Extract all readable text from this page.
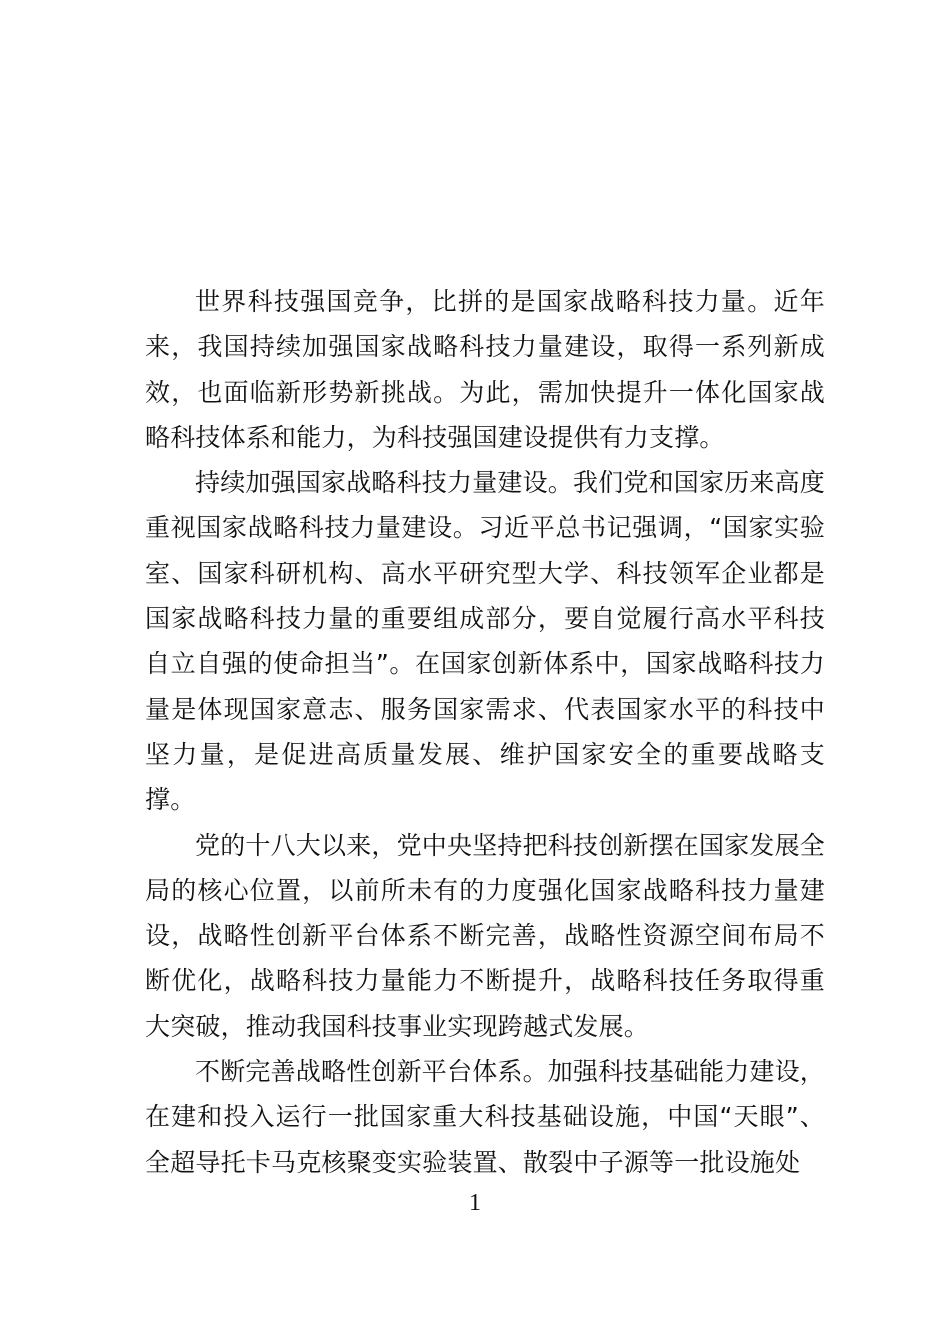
世界科技强国竞争，比拼的是国家战略科技力量。近年来，我国持续加强国家战略科技力量建设，取得一系列新成效，也面临新形势新挑战。为此，需加快提升一体化国家战略科技体系和能力，为科技强国建设提供有力支撑。

持续加强国家战略科技力量建设。我们党和国家历来高度重视国家战略科技力量建设。习近平总书记强调，“国家实验室、国家科研机构、高水平研究型大学、科技领军企业都是国家战略科技力量的重要组成部分，要自觉履行高水平科技自立自强的使命担当”。在国家创新体系中，国家战略科技力量是体现国家意志、服务国家需求、代表国家水平的科技中坚力量，是促进高质量发展、维护国家安全的重要战略支撑。

党的十八大以来，党中央坚持把科技创新摆在国家发展全局的核心位置，以前所未有的力度强化国家战略科技力量建设，战略性创新平台体系不断完善，战略性资源空间布局不断优化，战略科技力量能力不断提升，战略科技任务取得重大突破，推动我国科技事业实现跨越式发展。

不断完善战略性创新平台体系。加强科技基础能力建设，在建和投入运行一批国家重大科技基础设施，中国“天眼”、全超导托卡马克核聚变实验装置、散裂中子源等一批设施处

1
